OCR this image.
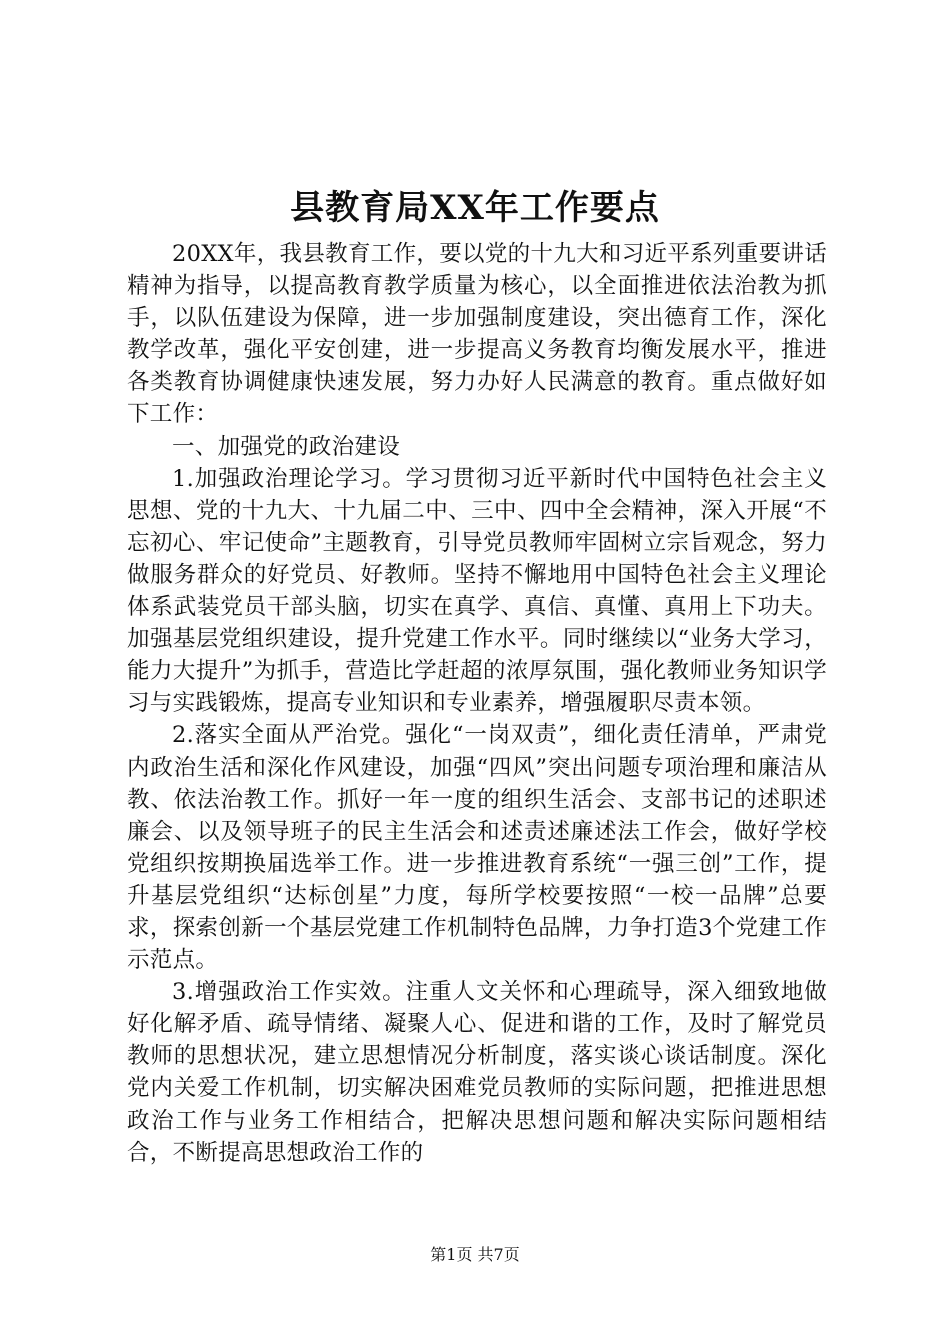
县教育局XX年工作要点

20XX年，我县教育工作，要以党的十九大和习近平系列重要讲话精神为指导，以提高教育教学质量为核心，以全面推进依法治教为抓手，以队伍建设为保障，进一步加强制度建设，突出德育工作，深化教学改革，强化平安创建，进一步提高义务教育均衡发展水平，推进各类教育协调健康快速发展，努力办好人民满意的教育。重点做好如下工作：

一、加强党的政治建设

1.加强政治理论学习。学习贯彻习近平新时代中国特色社会主义思想、党的十九大、十九届二中、三中、四中全会精神，深入开展“不忘初心、牢记使命”主题教育，引导党员教师牢固树立宗旨观念，努力做服务群众的好党员、好教师。坚持不懈地用中国特色社会主义理论体系武装党员干部头脑，切实在真学、真信、真懂、真用上下功夫。加强基层党组织建设，提升党建工作水平。同时继续以“业务大学习，能力大提升”为抓手，营造比学赶超的浓厚氛围，强化教师业务知识学习与实践锻炼，提高专业知识和专业素养，增强履职尽责本领。

2.落实全面从严治党。强化“一岗双责”，细化责任清单，严肃党内政治生活和深化作风建设，加强“四风”突出问题专项治理和廉洁从教、依法治教工作。抓好一年一度的组织生活会、支部书记的述职述廉会、以及领导班子的民主生活会和述责述廉述法工作会，做好学校党组织按期换届选举工作。进一步推进教育系统“一强三创”工作，提升基层党组织“达标创星”力度，每所学校要按照“一校一品牌”总要求，探索创新一个基层党建工作机制特色品牌，力争打造3个党建工作示范点。

3.增强政治工作实效。注重人文关怀和心理疏导，深入细致地做好化解矛盾、疏导情绪、凝聚人心、促进和谐的工作，及时了解党员教师的思想状况，建立思想情况分析制度，落实谈心谈话制度。深化党内关爱工作机制，切实解决困难党员教师的实际问题，把推进思想政治工作与业务工作相结合，把解决思想问题和解决实际问题相结合，不断提高思想政治工作的

第1页 共7页
